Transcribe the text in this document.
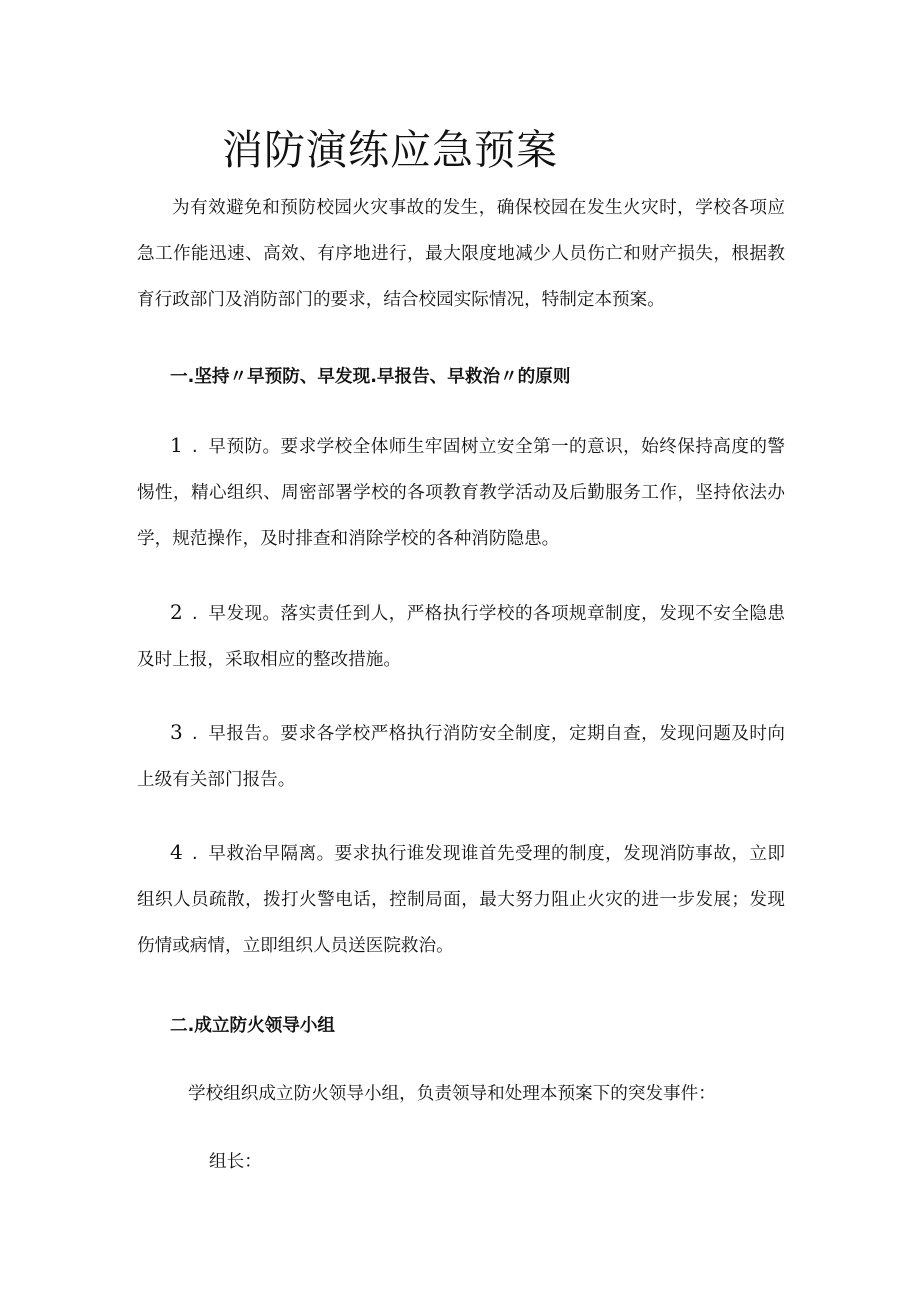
消防演练应急预案

为有效避免和预防校园火灾事故的发生，确保校园在发生火灾时，学校各项应急工作能迅速、高效、有序地进行，最大限度地减少人员伤亡和财产损失，根据教育行政部门及消防部门的要求，结合校园实际情况，特制定本预案。

一.坚持〃早预防、早发现.早报告、早救治〃的原则

1 . 早预防。要求学校全体师生牢固树立安全第一的意识，始终保持高度的警惕性，精心组织、周密部署学校的各项教育教学活动及后勤服务工作，坚持依法办学，规范操作，及时排查和消除学校的各种消防隐患。

2 . 早发现。落实责任到人，严格执行学校的各项规章制度，发现不安全隐患及时上报，采取相应的整改措施。

3 . 早报告。要求各学校严格执行消防安全制度，定期自查，发现问题及时向上级有关部门报告。

4 . 早救治早隔离。要求执行谁发现谁首先受理的制度，发现消防事故，立即组织人员疏散，拨打火警电话，控制局面，最大努力阻止火灾的进一步发展；发现伤情或病情，立即组织人员送医院救治。

二.成立防火领导小组

学校组织成立防火领导小组，负责领导和处理本预案下的突发事件：

组长：
